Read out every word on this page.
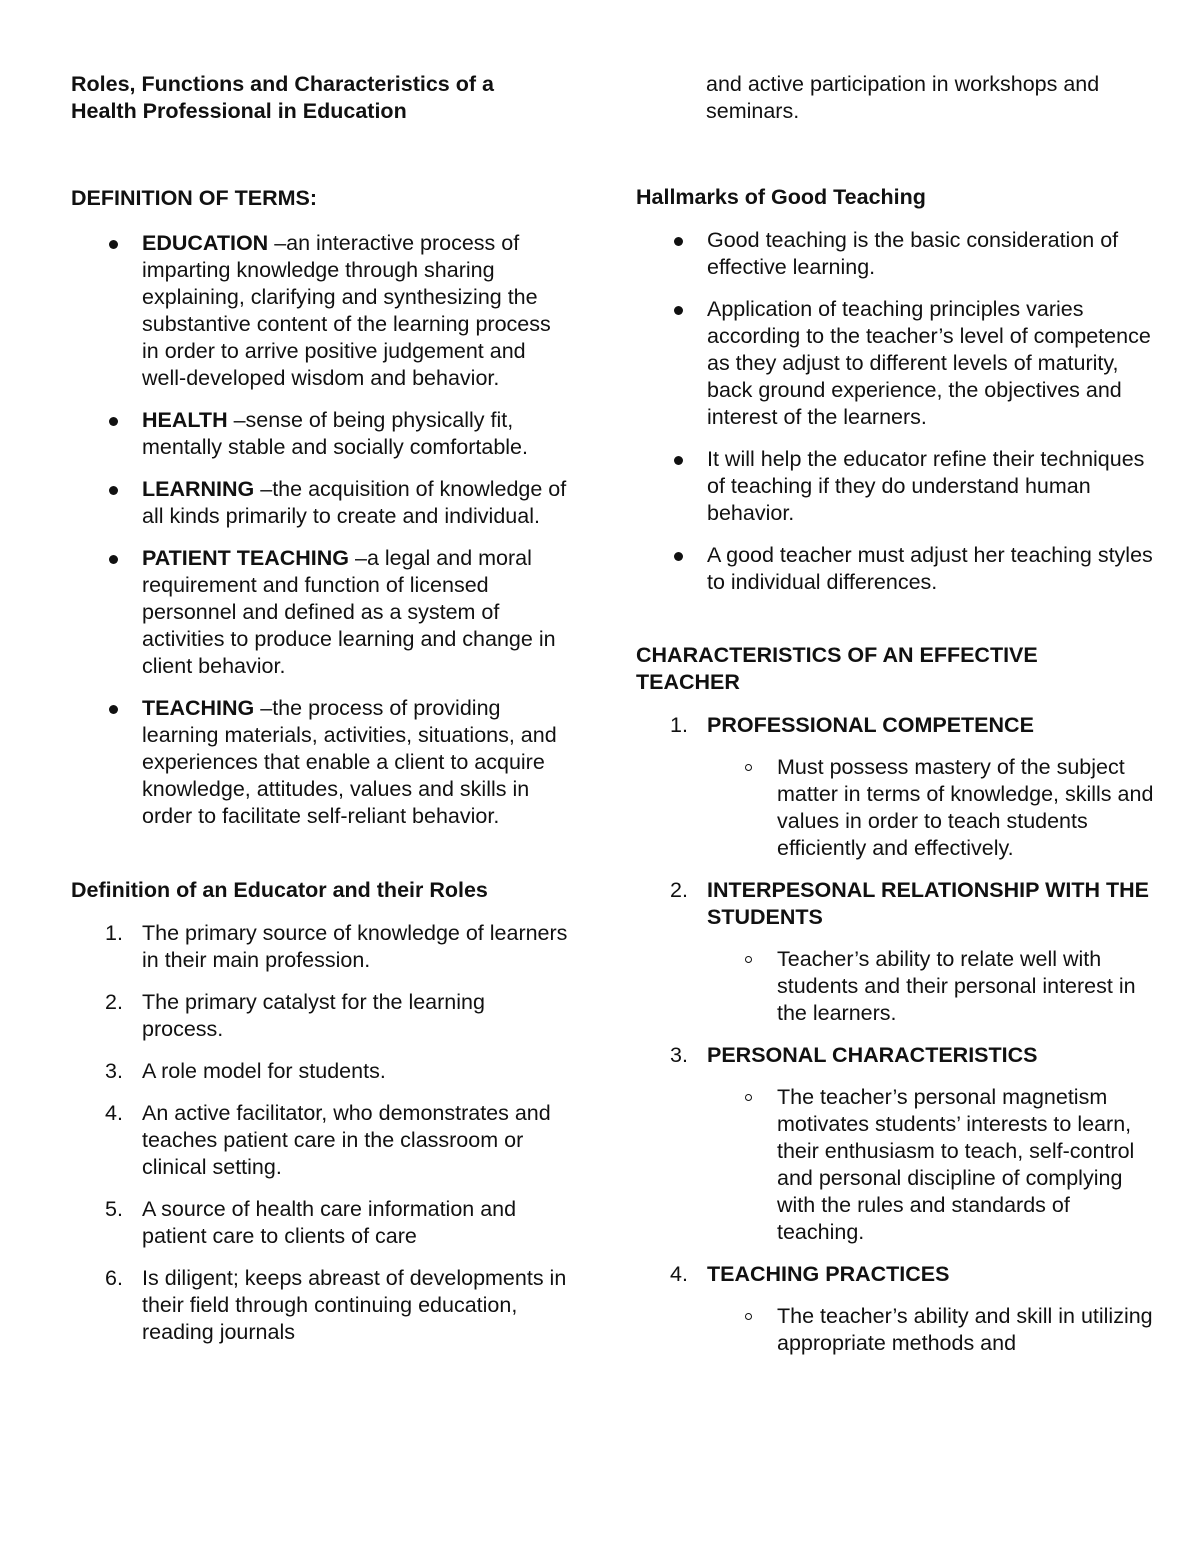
Roles, Functions and Characteristics of a
Health Professional in Education

DEFINITION OF TERMS:

EDUCATION –an interactive process of imparting knowledge through sharing explaining, clarifying and synthesizing the substantive content of the learning process in order to arrive positive judgement and well-developed wisdom and behavior.
HEALTH –sense of being physically fit, mentally stable and socially comfortable.
LEARNING –the acquisition of knowledge of all kinds primarily to create and individual.
PATIENT TEACHING –a legal and moral requirement and function of licensed personnel and defined as a system of activities to produce learning and change in client behavior.
TEACHING –the process of providing learning materials, activities, situations, and experiences that enable a client to acquire knowledge, attitudes, values and skills in order to facilitate self-reliant behavior.

Definition of an Educator and their Roles

1. The primary source of knowledge of learners in their main profession.
2. The primary catalyst for the learning process.
3. A role model for students.
4. An active facilitator, who demonstrates and teaches patient care in the classroom or clinical setting.
5. A source of health care information and patient care to clients of care
6. Is diligent; keeps abreast of developments in their field through continuing education, reading journals

and active participation in workshops and seminars.

Hallmarks of Good Teaching

Good teaching is the basic consideration of effective learning.
Application of teaching principles varies according to the teacher’s level of competence as they adjust to different levels of maturity, back ground experience, the objectives and interest of the learners.
It will help the educator refine their techniques of teaching if they do understand human behavior.
A good teacher must adjust her teaching styles to individual differences.

CHARACTERISTICS OF AN EFFECTIVE
TEACHER

1. PROFESSIONAL COMPETENCE
Must possess mastery of the subject matter in terms of knowledge, skills and values in order to teach students efficiently and effectively.
2. INTERPESONAL RELATIONSHIP WITH THE STUDENTS
Teacher’s ability to relate well with students and their personal interest in the learners.
3. PERSONAL CHARACTERISTICS
The teacher’s personal magnetism motivates students’ interests to learn, their enthusiasm to teach, self-control and personal discipline of complying with the rules and standards of teaching.
4. TEACHING PRACTICES
The teacher’s ability and skill in utilizing appropriate methods and
